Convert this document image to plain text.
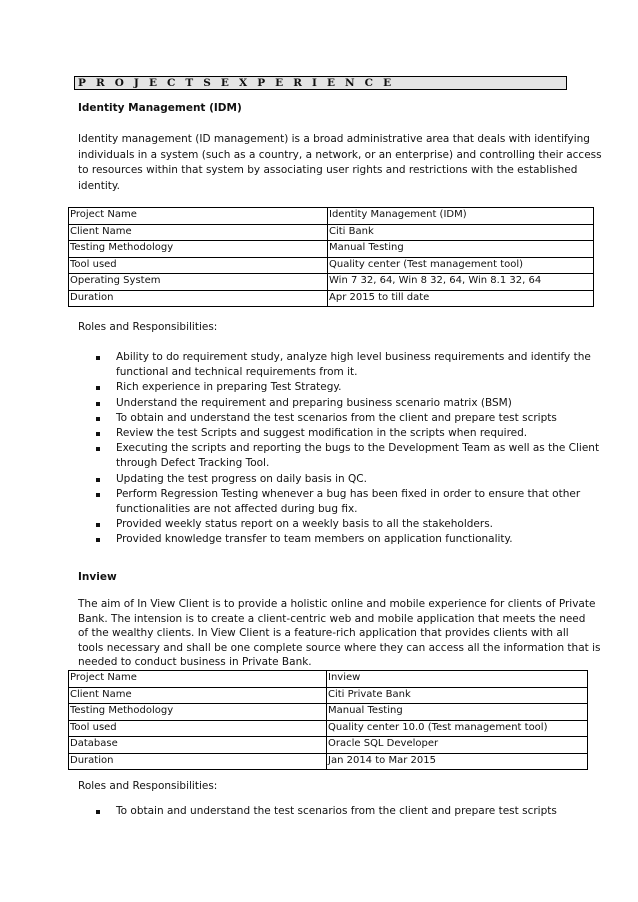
P R O J E C T S E X P E R I E N C E
Identity Management (IDM)
Identity management (ID management) is a broad administrative area that deals with identifying
individuals in a system (such as a country, a network, or an enterprise) and controlling their access
to resources within that system by associating user rights and restrictions with the established
identity.
Project Name	Identity Management (IDM)
Client Name	Citi Bank
Testing Methodology	Manual Testing
Tool used	Quality center (Test management tool)
Operating System	Win 7 32, 64, Win 8 32, 64, Win 8.1 32, 64
Duration	Apr 2015 to till date
Roles and Responsibilities:
Ability to do requirement study, analyze high level business requirements and identify the
functional and technical requirements from it.
Rich experience in preparing Test Strategy.
Understand the requirement and preparing business scenario matrix (BSM)
To obtain and understand the test scenarios from the client and prepare test scripts
Review the test Scripts and suggest modification in the scripts when required.
Executing the scripts and reporting the bugs to the Development Team as well as the Client
through Defect Tracking Tool.
Updating the test progress on daily basis in QC.
Perform Regression Testing whenever a bug has been fixed in order to ensure that other
functionalities are not affected during bug fix.
Provided weekly status report on a weekly basis to all the stakeholders.
Provided knowledge transfer to team members on application functionality.
Inview
The aim of In View Client is to provide a holistic online and mobile experience for clients of Private
Bank. The intension is to create a client-centric web and mobile application that meets the need
of the wealthy clients. In View Client is a feature-rich application that provides clients with all
tools necessary and shall be one complete source where they can access all the information that is
needed to conduct business in Private Bank.
Project Name	Inview
Client Name	Citi Private Bank
Testing Methodology	Manual Testing
Tool used	Quality center 10.0 (Test management tool)
Database	Oracle SQL Developer
Duration	Jan 2014 to Mar 2015
Roles and Responsibilities:
To obtain and understand the test scenarios from the client and prepare test scripts
